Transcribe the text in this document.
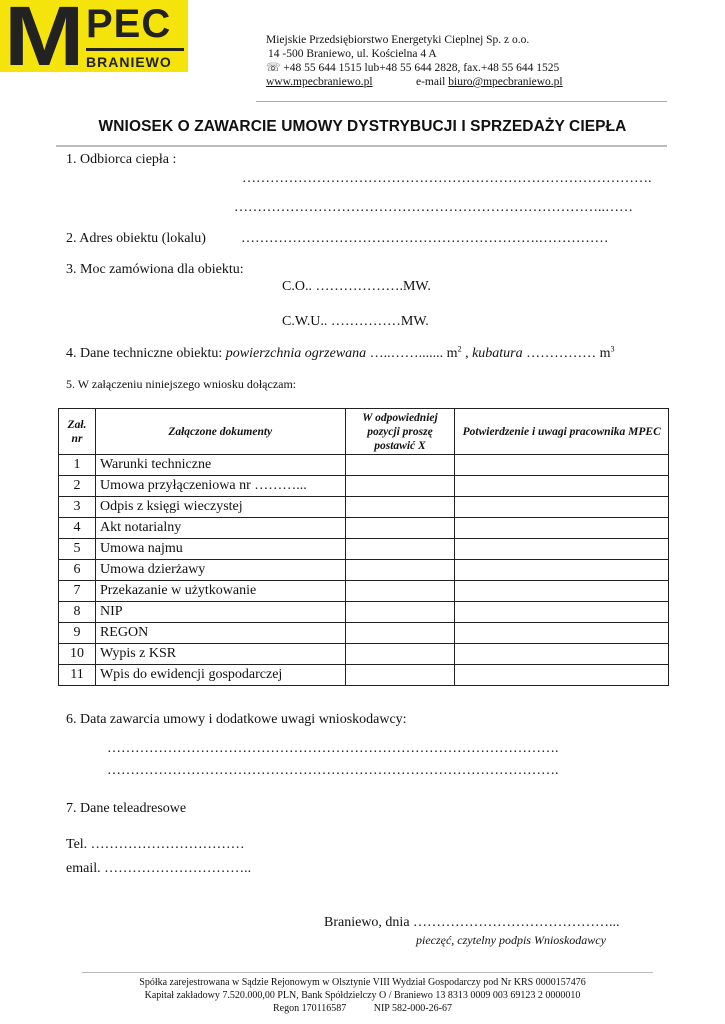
M PEC
BRANIEWO
Miejskie Przedsiębiorstwo Energetyki Cieplnej Sp. z o.o.
14 -500 Braniewo, ul. Kościelna 4 A
☏ +48 55 644 1515 lub+48 55 644 2828, fax.+48 55 644 1525
www.mpecbraniewo.pl	e-mail biuro@mpecbraniewo.pl
WNIOSEK O ZAWARCIE UMOWY DYSTRYBUCJI I SPRZEDAŻY CIEPŁA
1. Odbiorca ciepła :
…………………………………………………………………………….
……………………………………………………………………..……
2. Adres obiektu (lokalu)	……………………………………………………….……………
3. Moc zamówiona dla obiektu:
C.O.. ……………….MW.
C.W.U.. ……………MW.
4. Dane techniczne obiektu: powierzchnia ogrzewana …..……....... $m^2$ , kubatura …………… $m^3$
5. W załączeniu niniejszego wniosku dołączam:
Zał. nr	Załączone dokumenty	W odpowiedniej pozycji proszę postawić X	Potwierdzenie i uwagi pracownika MPEC
1	Warunki techniczne		
2	Umowa przyłączeniowa nr ………...		
3	Odpis z księgi wieczystej		
4	Akt notarialny		
5	Umowa najmu		
6	Umowa dzierżawy		
7	Przekazanie w użytkowanie		
8	NIP		
9	REGON		
10	Wypis z KSR		
11	Wpis do ewidencji gospodarczej		
6. Data zawarcia umowy i dodatkowe uwagi wnioskodawcy:
…………………………………………………………………………………….
…………………………………………………………………………………….
7. Dane teleadresowe
Tel. ……………………………
email. …………………………..
Braniewo, dnia ……………………………………...
pieczęć, czytelny podpis Wnioskodawcy
Spółka zarejestrowana w Sądzie Rejonowym w Olsztynie VIII Wydział Gospodarczy pod Nr KRS 0000157476
Kapitał zakładowy 7.520.000,00 PLN, Bank Spółdzielczy O / Braniewo 13 8313 0009 003 69123 2 0000010
Regon 170116587           NIP 582-000-26-67
